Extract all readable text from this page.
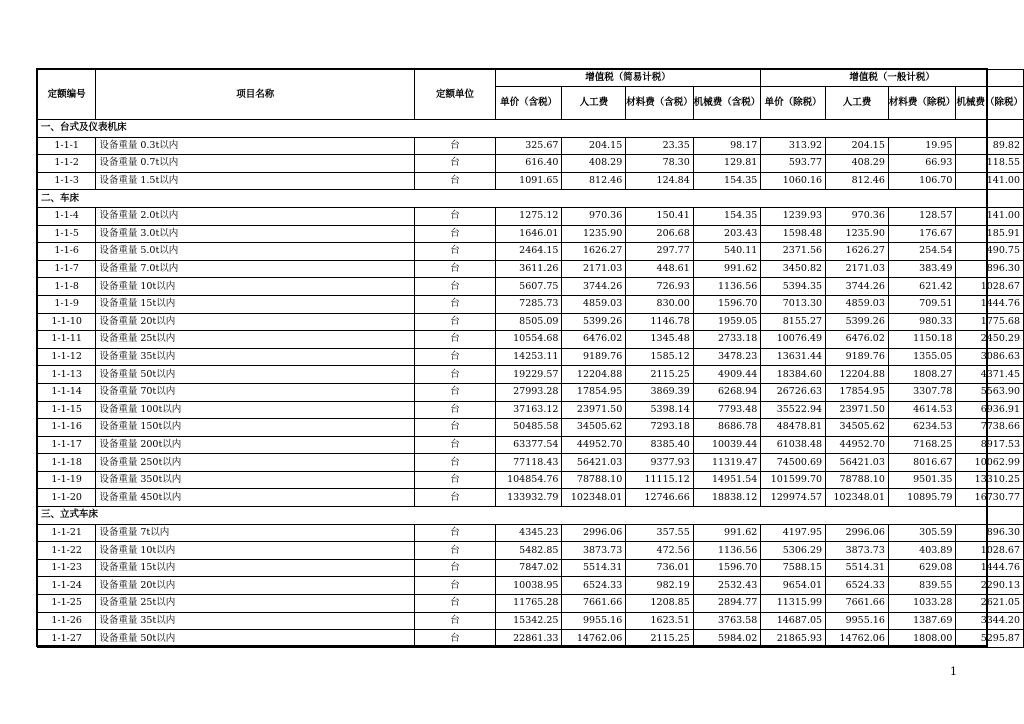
定额编号	项目名称	定额单位	增值税（简易计税）				增值税（一般计税）			
			单价（含税）	人工费	材料费（含税）	机械费（含税）	单价（除税）	人工费	材料费（除税）	机械费（除税）
一、台式及仪表机床										
1-1-1	设备重量 0.3t以内	台	325.67	204.15	23.35	98.17	313.92	204.15	19.95	89.82
1-1-2	设备重量 0.7t以内	台	616.40	408.29	78.30	129.81	593.77	408.29	66.93	118.55
1-1-3	设备重量 1.5t以内	台	1091.65	812.46	124.84	154.35	1060.16	812.46	106.70	141.00
二、车床										
1-1-4	设备重量 2.0t以内	台	1275.12	970.36	150.41	154.35	1239.93	970.36	128.57	141.00
1-1-5	设备重量 3.0t以内	台	1646.01	1235.90	206.68	203.43	1598.48	1235.90	176.67	185.91
1-1-6	设备重量 5.0t以内	台	2464.15	1626.27	297.77	540.11	2371.56	1626.27	254.54	490.75
1-1-7	设备重量 7.0t以内	台	3611.26	2171.03	448.61	991.62	3450.82	2171.03	383.49	896.30
1-1-8	设备重量 10t以内	台	5607.75	3744.26	726.93	1136.56	5394.35	3744.26	621.42	1028.67
1-1-9	设备重量 15t以内	台	7285.73	4859.03	830.00	1596.70	7013.30	4859.03	709.51	1444.76
1-1-10	设备重量 20t以内	台	8505.09	5399.26	1146.78	1959.05	8155.27	5399.26	980.33	1775.68
1-1-11	设备重量 25t以内	台	10554.68	6476.02	1345.48	2733.18	10076.49	6476.02	1150.18	2450.29
1-1-12	设备重量 35t以内	台	14253.11	9189.76	1585.12	3478.23	13631.44	9189.76	1355.05	3086.63
1-1-13	设备重量 50t以内	台	19229.57	12204.88	2115.25	4909.44	18384.60	12204.88	1808.27	4371.45
1-1-14	设备重量 70t以内	台	27993.28	17854.95	3869.39	6268.94	26726.63	17854.95	3307.78	5563.90
1-1-15	设备重量 100t以内	台	37163.12	23971.50	5398.14	7793.48	35522.94	23971.50	4614.53	6936.91
1-1-16	设备重量 150t以内	台	50485.58	34505.62	7293.18	8686.78	48478.81	34505.62	6234.53	7738.66
1-1-17	设备重量 200t以内	台	63377.54	44952.70	8385.40	10039.44	61038.48	44952.70	7168.25	8917.53
1-1-18	设备重量 250t以内	台	77118.43	56421.03	9377.93	11319.47	74500.69	56421.03	8016.67	10062.99
1-1-19	设备重量 350t以内	台	104854.76	78788.10	11115.12	14951.54	101599.70	78788.10	9501.35	13310.25
1-1-20	设备重量 450t以内	台	133932.79	102348.01	12746.66	18838.12	129974.57	102348.01	10895.79	16730.77
三、立式车床										
1-1-21	设备重量 7t以内	台	4345.23	2996.06	357.55	991.62	4197.95	2996.06	305.59	896.30
1-1-22	设备重量 10t以内	台	5482.85	3873.73	472.56	1136.56	5306.29	3873.73	403.89	1028.67
1-1-23	设备重量 15t以内	台	7847.02	5514.31	736.01	1596.70	7588.15	5514.31	629.08	1444.76
1-1-24	设备重量 20t以内	台	10038.95	6524.33	982.19	2532.43	9654.01	6524.33	839.55	2290.13
1-1-25	设备重量 25t以内	台	11765.28	7661.66	1208.85	2894.77	11315.99	7661.66	1033.28	2621.05
1-1-26	设备重量 35t以内	台	15342.25	9955.16	1623.51	3763.58	14687.05	9955.16	1387.69	3344.20
1-1-27	设备重量 50t以内	台	22861.33	14762.06	2115.25	5984.02	21865.93	14762.06	1808.00	5295.87
1
